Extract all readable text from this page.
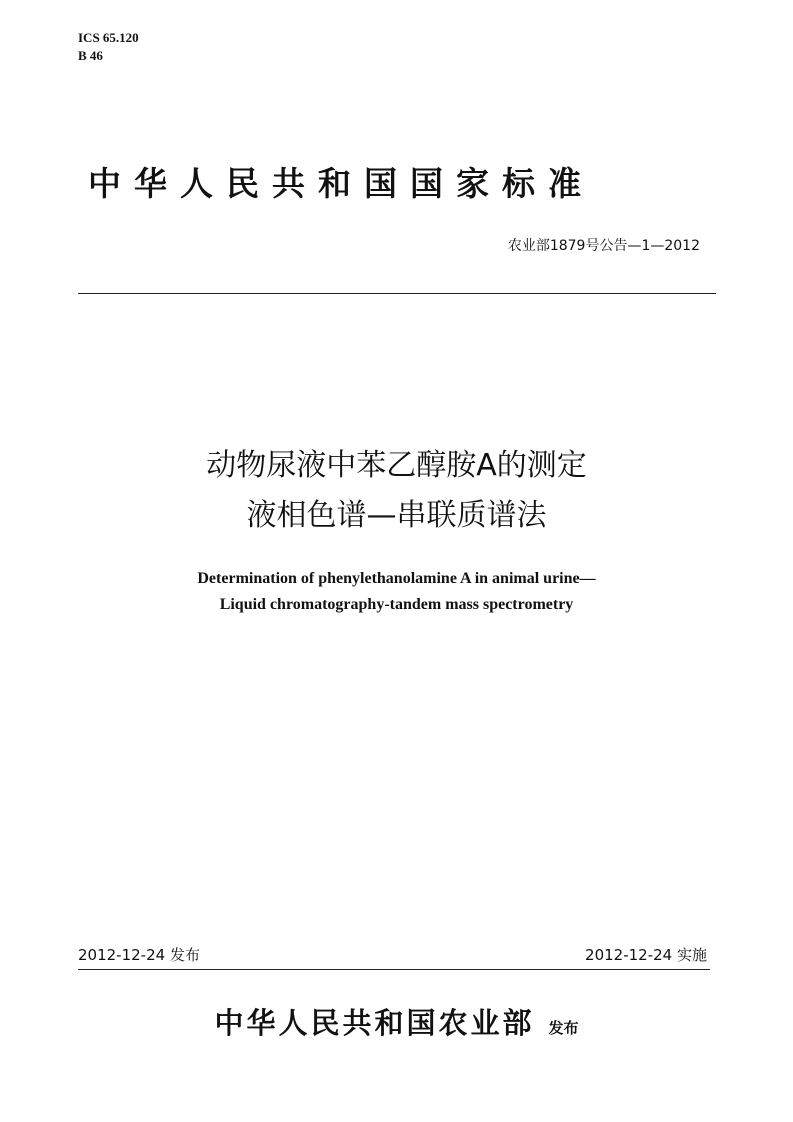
ICS 65.120
B 46
中华人民共和国国家标准
农业部1879号公告—1—2012
动物尿液中苯乙醇胺A的测定
液相色谱—串联质谱法
Determination of phenylethanolamine A in animal urine—
Liquid chromatography-tandem mass spectrometry
2012-12-24 发布	2012-12-24 实施
中华人民共和国农业部 发布
